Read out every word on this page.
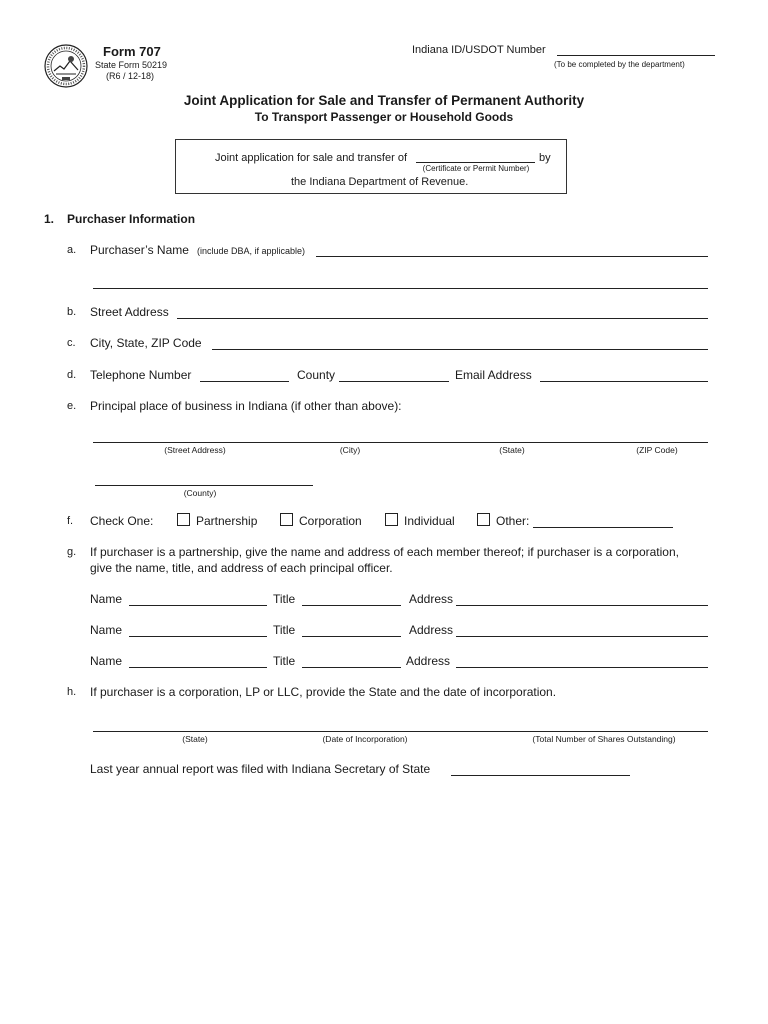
Form 707
State Form 50219
(R6 / 12-18)
Indiana ID/USDOT Number
(To be completed by the department)
Joint Application for Sale and Transfer of Permanent Authority
To Transport Passenger or Household Goods
Joint application for sale and transfer of	by
(Certificate or Permit Number)
the Indiana Department of Revenue.
1. Purchaser Information
a. Purchaser’s Name (include DBA, if applicable)
b. Street Address
c. City, State, ZIP Code
d. Telephone Number	County	Email Address
e. Principal place of business in Indiana (if other than above):
(Street Address)	(City)	(State)	(ZIP Code)
(County)
f. Check One:	Partnership	Corporation	Individual	Other:
g. If purchaser is a partnership, give the name and address of each member thereof; if purchaser is a corporation,
give the name, title, and address of each principal officer.
Name	Title	Address
Name	Title	Address
Name	Title	Address
h. If purchaser is a corporation, LP or LLC, provide the State and the date of incorporation.
(State)	(Date of Incorporation)	(Total Number of Shares Outstanding)
Last year annual report was filed with Indiana Secretary of State
